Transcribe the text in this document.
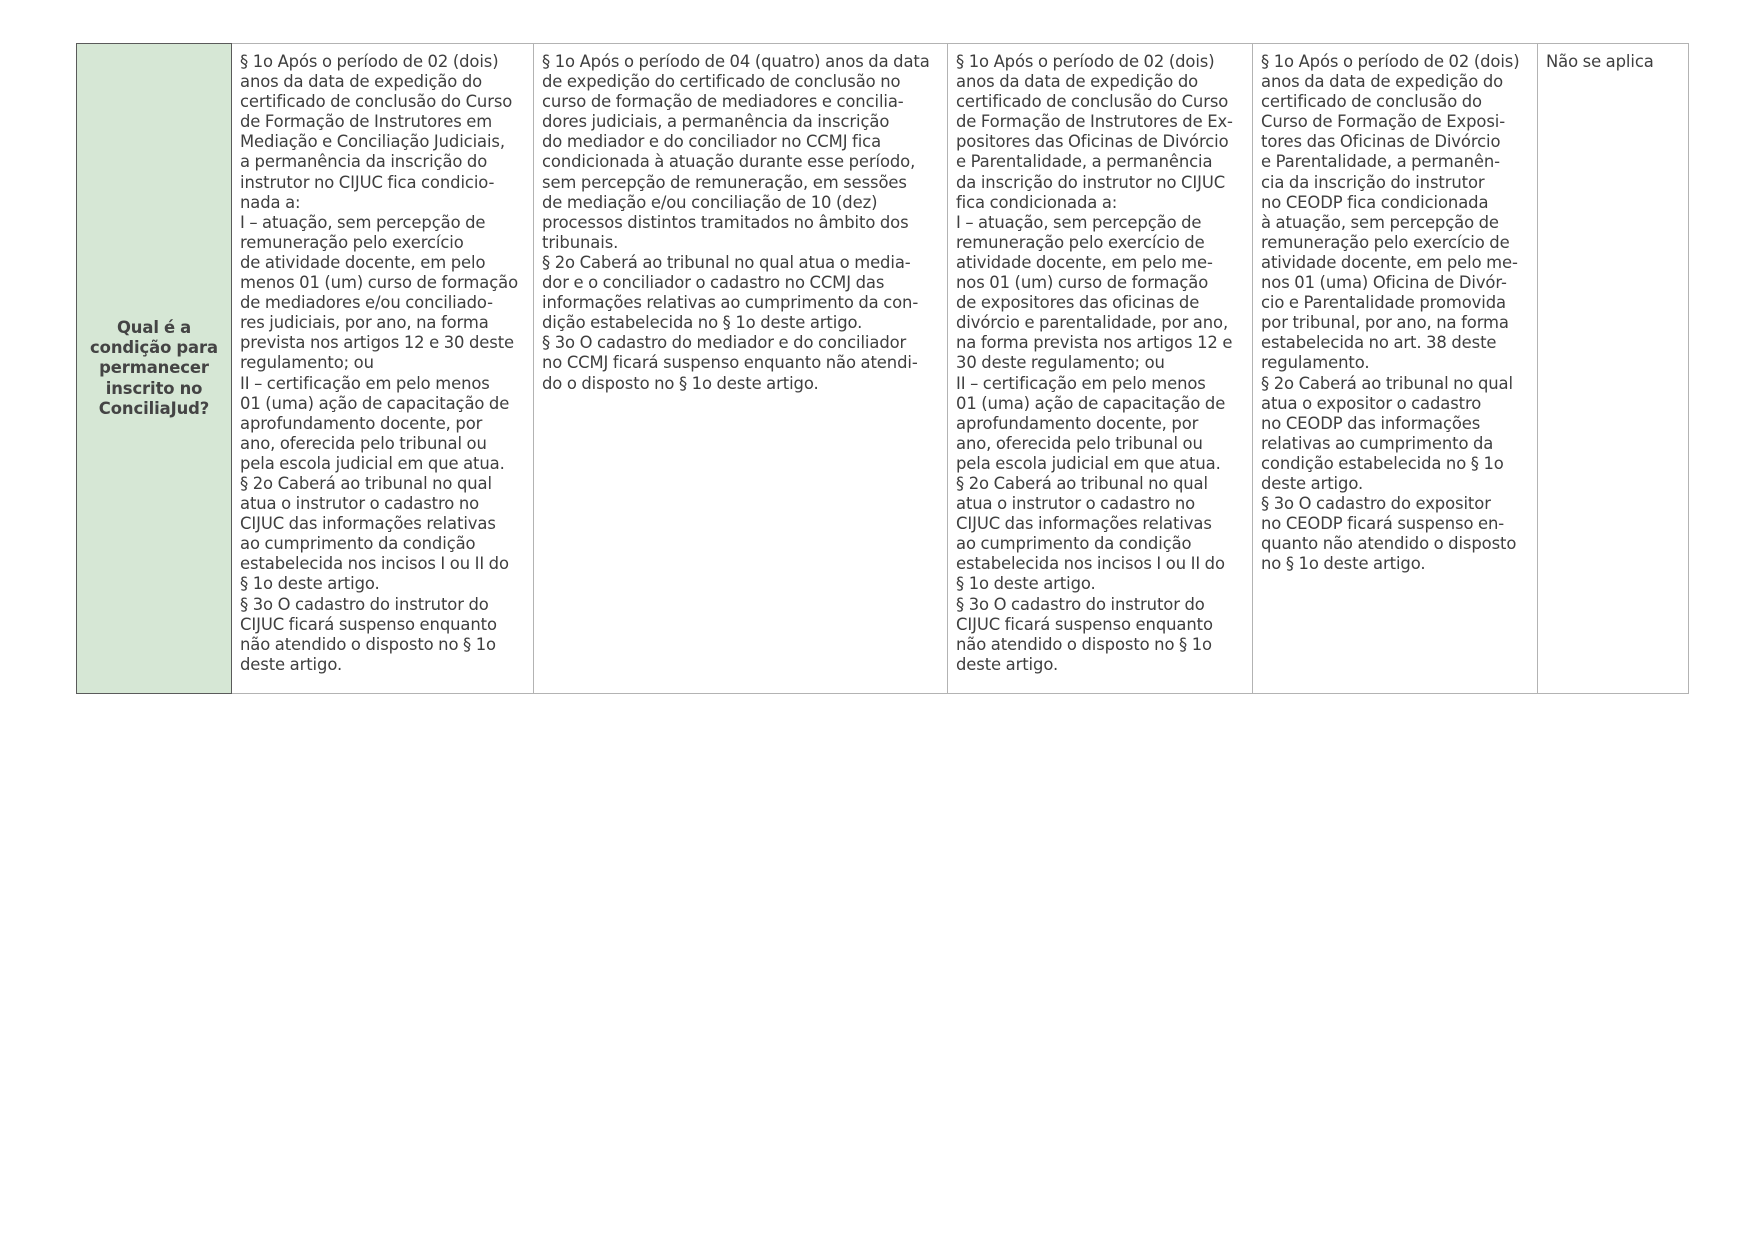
Qual é a
condição para
permanecer
inscrito no
ConciliaJud?

§ 1o Após o período de 02 (dois)
anos da data de expedição do
certificado de conclusão do Curso
de Formação de Instrutores em
Mediação e Conciliação Judiciais,
a permanência da inscrição do
instrutor no CIJUC fica condicio-
nada a:
I – atuação, sem percepção de
remuneração pelo exercício
de atividade docente, em pelo
menos 01 (um) curso de formação
de mediadores e/ou conciliado-
res judiciais, por ano, na forma
prevista nos artigos 12 e 30 deste
regulamento; ou
II – certificação em pelo menos
01 (uma) ação de capacitação de
aprofundamento docente, por
ano, oferecida pelo tribunal ou
pela escola judicial em que atua.
§ 2o Caberá ao tribunal no qual
atua o instrutor o cadastro no
CIJUC das informações relativas
ao cumprimento da condição
estabelecida nos incisos I ou II do
§ 1o deste artigo.
§ 3o O cadastro do instrutor do
CIJUC ficará suspenso enquanto
não atendido o disposto no § 1o
deste artigo.

§ 1o Após o período de 04 (quatro) anos da data
de expedição do certificado de conclusão no
curso de formação de mediadores e concilia-
dores judiciais, a permanência da inscrição
do mediador e do conciliador no CCMJ fica
condicionada à atuação durante esse período,
sem percepção de remuneração, em sessões
de mediação e/ou conciliação de 10 (dez)
processos distintos tramitados no âmbito dos
tribunais.
§ 2o Caberá ao tribunal no qual atua o media-
dor e o conciliador o cadastro no CCMJ das
informações relativas ao cumprimento da con-
dição estabelecida no § 1o deste artigo.
§ 3o O cadastro do mediador e do conciliador
no CCMJ ficará suspenso enquanto não atendi-
do o disposto no § 1o deste artigo.

§ 1o Após o período de 02 (dois)
anos da data de expedição do
certificado de conclusão do Curso
de Formação de Instrutores de Ex-
positores das Oficinas de Divórcio
e Parentalidade, a permanência
da inscrição do instrutor no CIJUC
fica condicionada a:
I – atuação, sem percepção de
remuneração pelo exercício de
atividade docente, em pelo me-
nos 01 (um) curso de formação
de expositores das oficinas de
divórcio e parentalidade, por ano,
na forma prevista nos artigos 12 e
30 deste regulamento; ou
II – certificação em pelo menos
01 (uma) ação de capacitação de
aprofundamento docente, por
ano, oferecida pelo tribunal ou
pela escola judicial em que atua.
§ 2o Caberá ao tribunal no qual
atua o instrutor o cadastro no
CIJUC das informações relativas
ao cumprimento da condição
estabelecida nos incisos I ou II do
§ 1o deste artigo.
§ 3o O cadastro do instrutor do
CIJUC ficará suspenso enquanto
não atendido o disposto no § 1o
deste artigo.

§ 1o Após o período de 02 (dois)
anos da data de expedição do
certificado de conclusão do
Curso de Formação de Exposi-
tores das Oficinas de Divórcio
e Parentalidade, a permanên-
cia da inscrição do instrutor
no CEODP fica condicionada
à atuação, sem percepção de
remuneração pelo exercício de
atividade docente, em pelo me-
nos 01 (uma) Oficina de Divór-
cio e Parentalidade promovida
por tribunal, por ano, na forma
estabelecida no art. 38 deste
regulamento.
§ 2o Caberá ao tribunal no qual
atua o expositor o cadastro
no CEODP das informações
relativas ao cumprimento da
condição estabelecida no § 1o
deste artigo.
§ 3o O cadastro do expositor
no CEODP ficará suspenso en-
quanto não atendido o disposto
no § 1o deste artigo.

Não se aplica
